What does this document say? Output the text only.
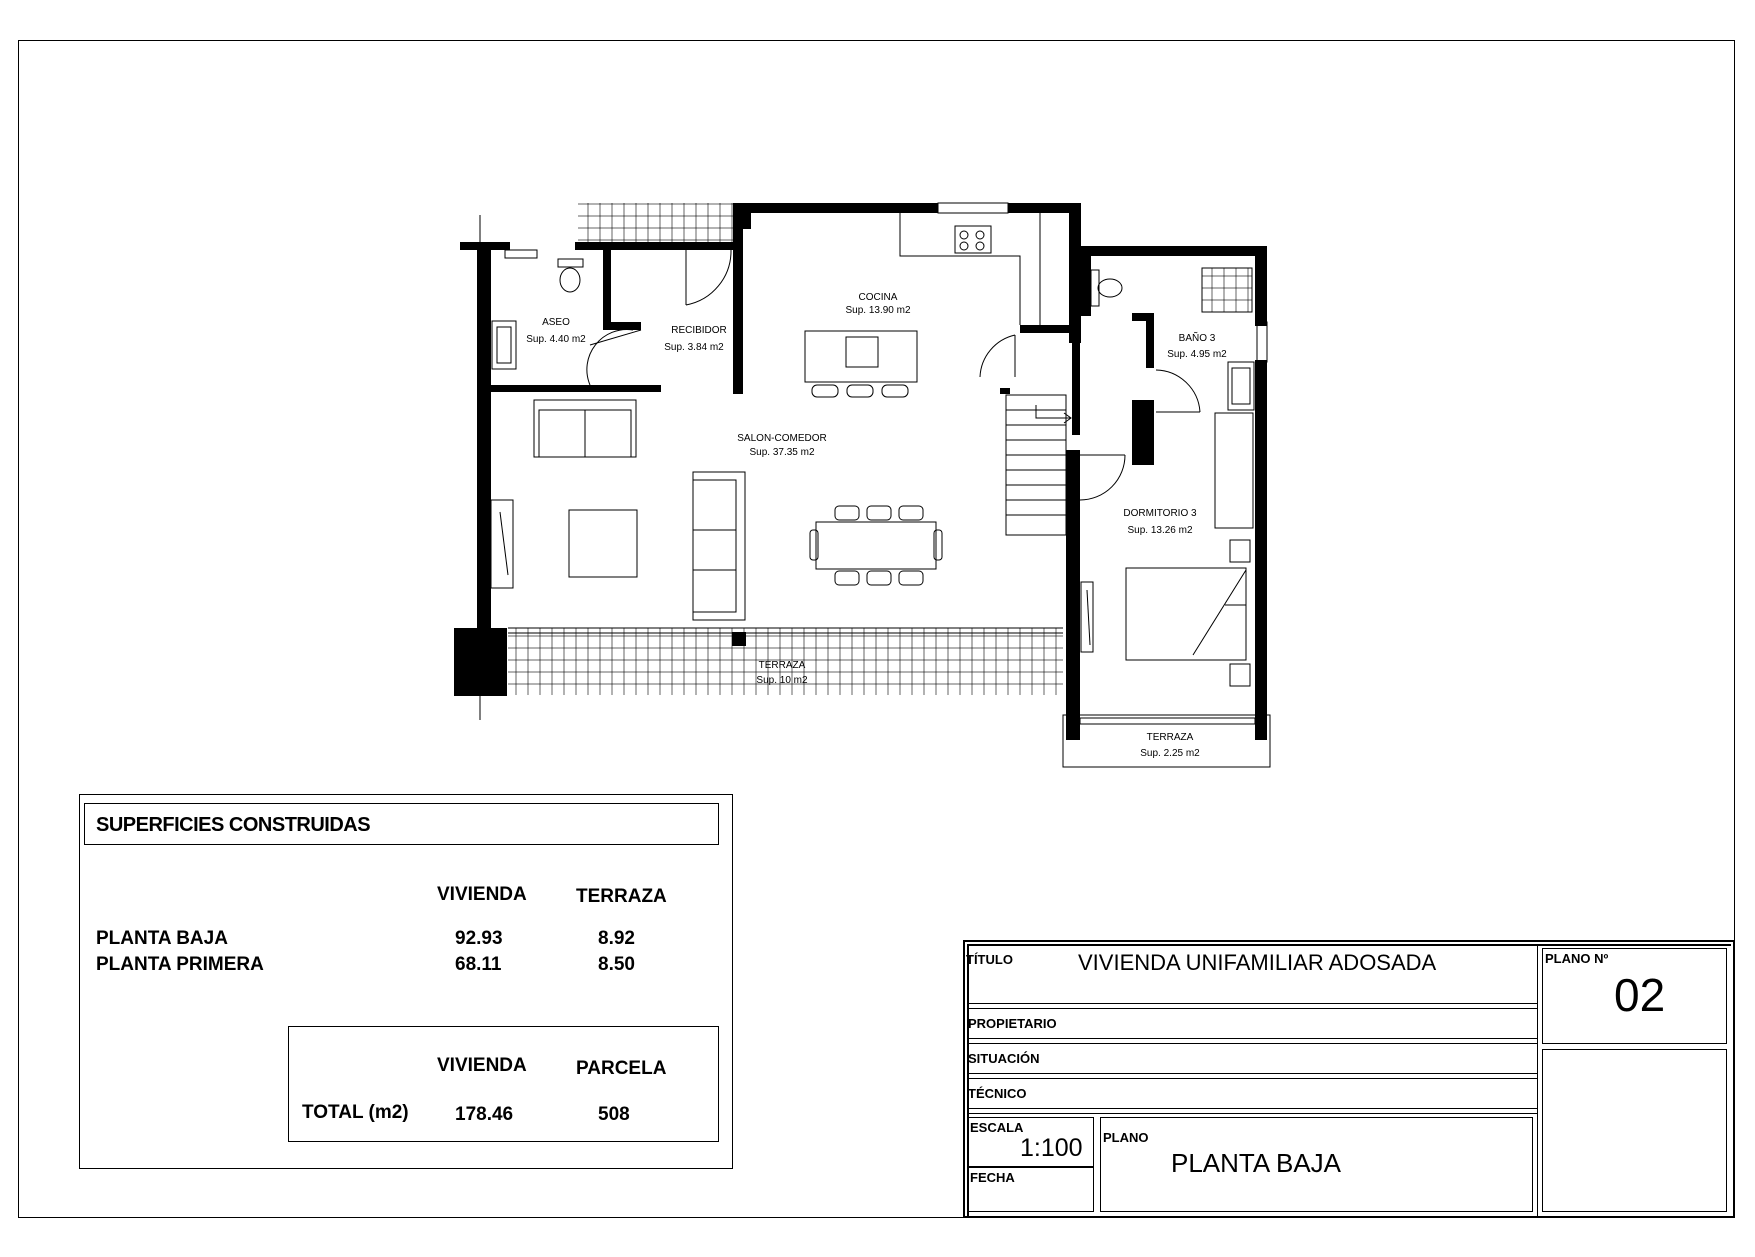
ASEO
Sup. 4.40 m2
RECIBIDOR
Sup. 3.84 m2
COCINA
Sup. 13.90 m2
SALON-COMEDOR
Sup. 37.35 m2
BAÑO 3
Sup. 4.95 m2
DORMITORIO 3
Sup. 13.26 m2
TERRAZA
Sup. 10 m2
TERRAZA
Sup. 2.25 m2
SUPERFICIES CONSTRUIDAS
VIVIENDA	TERRAZA
PLANTA BAJA	92.93	8.92
PLANTA PRIMERA	68.11	8.50
VIVIENDA	PARCELA
TOTAL (m2) 178.46	508
TÍTULO	VIVIENDA UNIFAMILIAR ADOSADA	PLANO Nº
02
PROPIETARIO
SITUACIÓN
TÉCNICO
ESCALA
1:100
FECHA
PLANO
PLANTA BAJA
